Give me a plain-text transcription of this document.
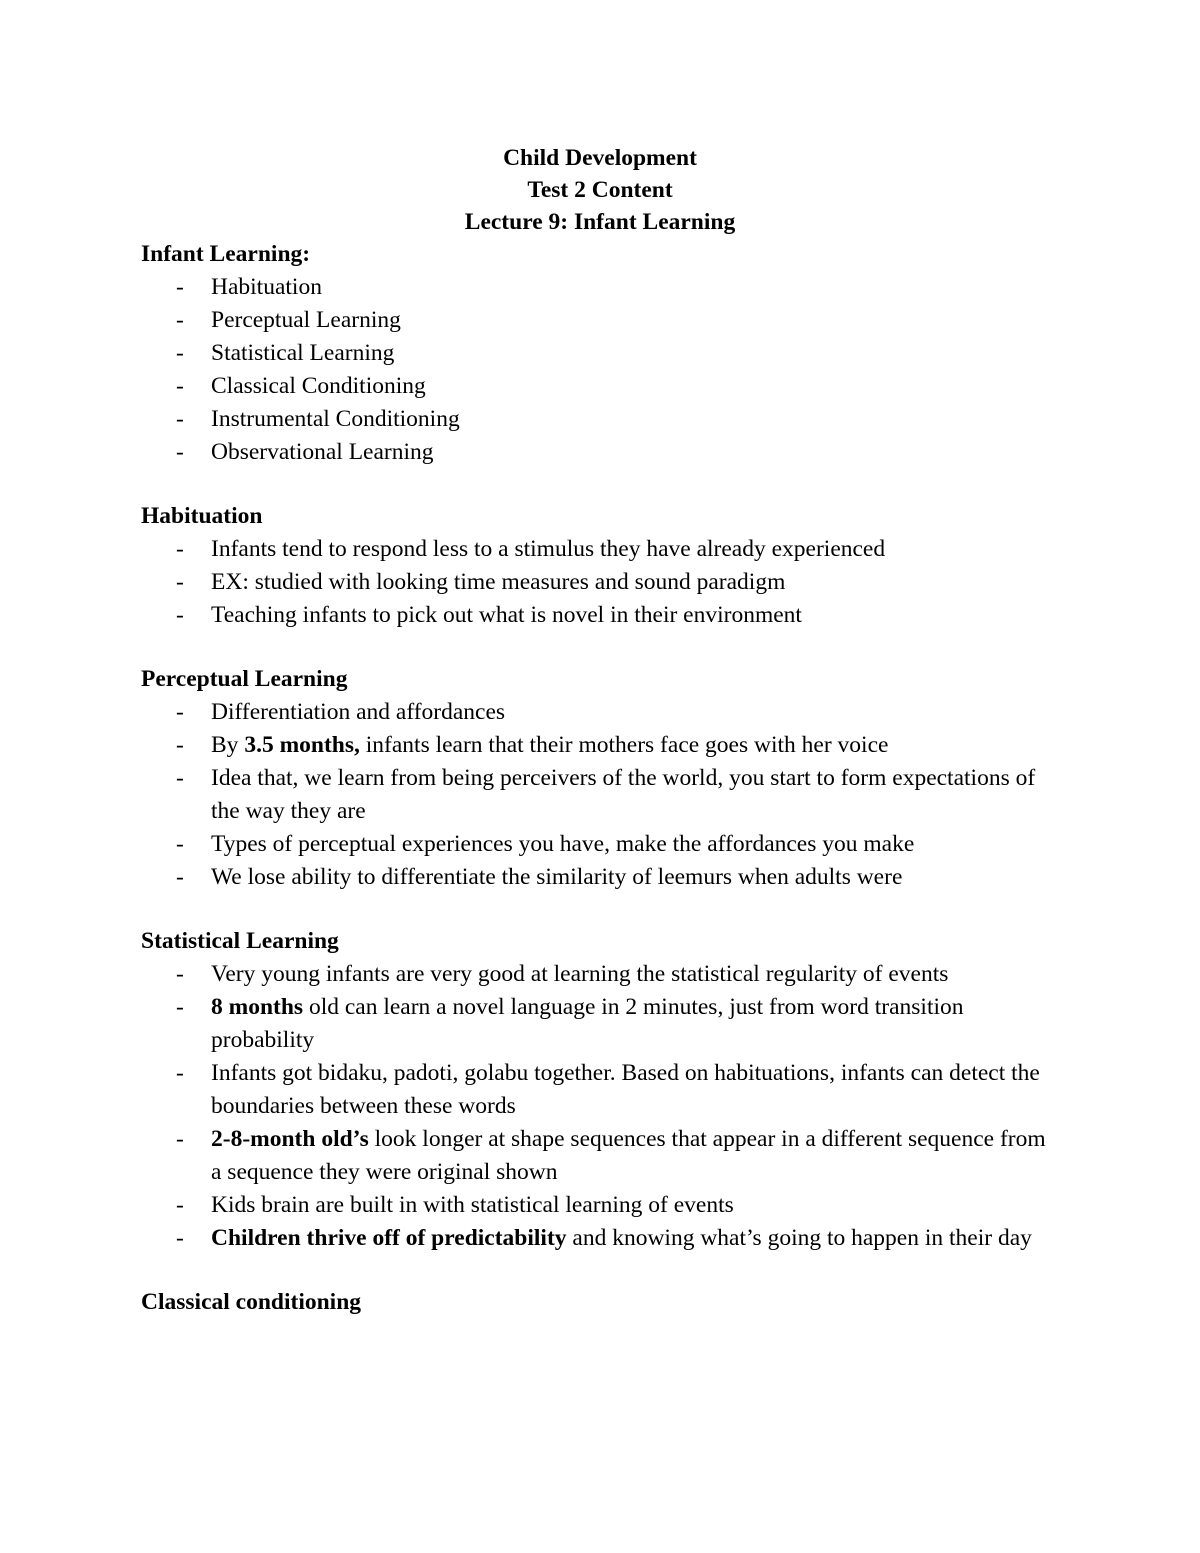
Child Development
Test 2 Content
Lecture 9: Infant Learning
Infant Learning:
- Habituation
- Perceptual Learning
- Statistical Learning
- Classical Conditioning
- Instrumental Conditioning
- Observational Learning
Habituation
- Infants tend to respond less to a stimulus they have already experienced
- EX: studied with looking time measures and sound paradigm
- Teaching infants to pick out what is novel in their environment
Perceptual Learning
- Differentiation and affordances
- By 3.5 months, infants learn that their mothers face goes with her voice
- Idea that, we learn from being perceivers of the world, you start to form expectations of the way they are
- Types of perceptual experiences you have, make the affordances you make
- We lose ability to differentiate the similarity of leemurs when adults were
Statistical Learning
- Very young infants are very good at learning the statistical regularity of events
- 8 months old can learn a novel language in 2 minutes, just from word transition probability
- Infants got bidaku, padoti, golabu together. Based on habituations, infants can detect the boundaries between these words
- 2-8-month old’s look longer at shape sequences that appear in a different sequence from a sequence they were original shown
- Kids brain are built in with statistical learning of events
- Children thrive off of predictability and knowing what’s going to happen in their day
Classical conditioning
